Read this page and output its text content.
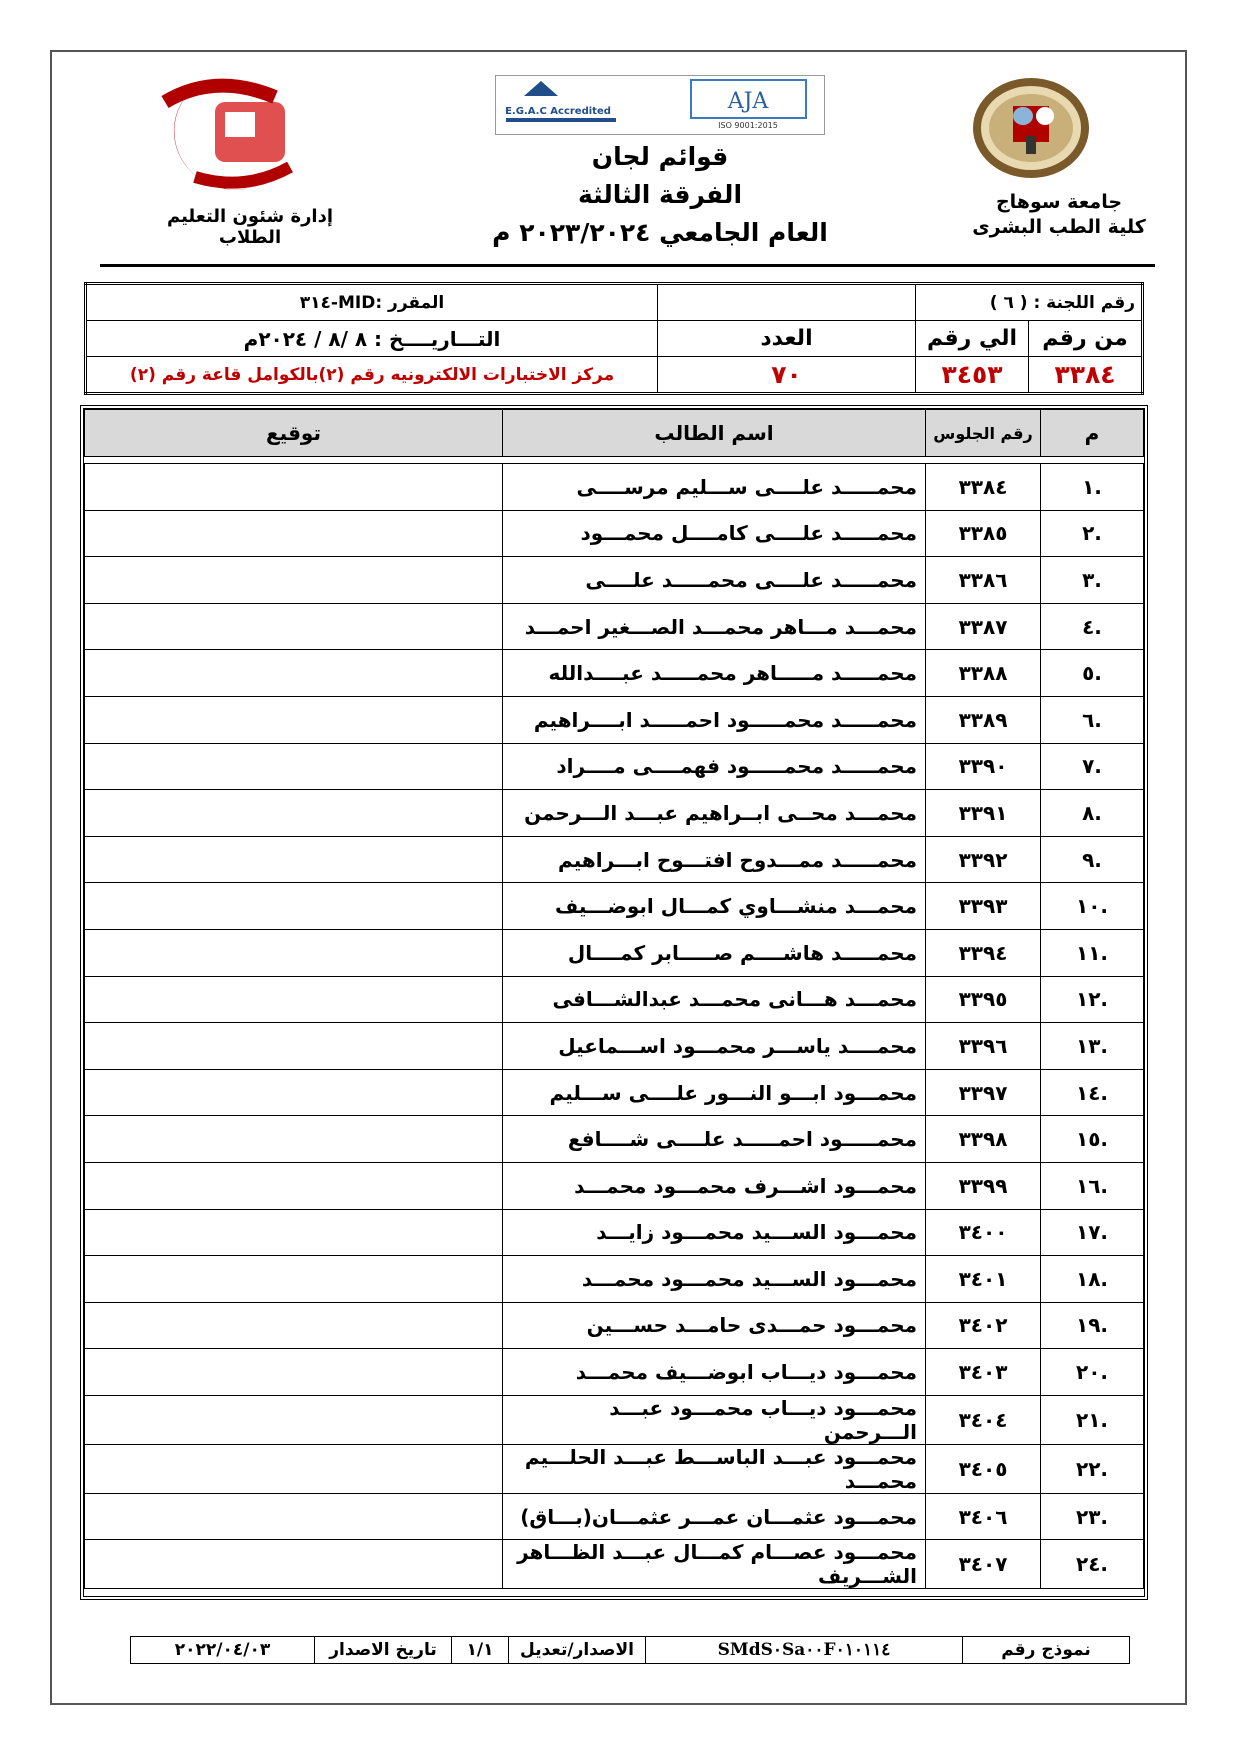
جامعة سوهاج
كلية الطب البشرى
AJA
ISO 9001:2015
E.G.A.C Accredited
قوائم لجان
الفرقة الثالثة
العام الجامعي ٢٠٢٣/٢٠٢٤ م
إدارة شئون التعليم الطلاب
رقم اللجنة : ( ٦ )			المقرر :MID-٣١٤
من رقم	الي رقم	العدد	التـــاريــــخ : ٨ /٨ / ٢٠٢٤م
٣٣٨٤	٣٤٥٣	٧٠	مركز الاختبارات الالكترونيه رقم (٢)بالكوامل قاعة رقم (٢)
م	رقم الجلوس	اسم الطالب	توقيع

.١	٣٣٨٤	محمـــــد علــــى ســـليم مرســــى	
.٢	٣٣٨٥	محمـــــد علــــى كامــــل محمـــود	
.٣	٣٣٨٦	محمـــــد علــــى محمـــــد علــــى	
.٤	٣٣٨٧	محمـــد مـــاهر محمـــد الصـــغير احمـــد	
.٥	٣٣٨٨	محمـــــد مـــــاهر محمـــــد عبــــدالله	
.٦	٣٣٨٩	محمـــــد محمـــــود احمـــــد ابــــراهيم	
.٧	٣٣٩٠	محمـــــد محمـــــود فهمــــى مــــراد	
.٨	٣٣٩١	محمـــد محــى ابــراهيم عبـــد الـــرحمن	
.٩	٣٣٩٢	محمـــــد ممـــدوح افتـــوح ابـــراهيم	
.١٠	٣٣٩٣	محمـــد منشـــاوي كمـــال ابوضـــيف	
.١١	٣٣٩٤	محمـــــد هاشــــم صـــــابر كمــــال	
.١٢	٣٣٩٥	محمـــد هـــانى محمـــد عبدالشـــافى	
.١٣	٣٣٩٦	محمــــد ياســـر محمـــود اســـماعيل	
.١٤	٣٣٩٧	محمـــود ابـــو النـــور علــــى ســـليم	
.١٥	٣٣٩٨	محمـــــود احمـــــد علــــى شــــافع	
.١٦	٣٣٩٩	محمـــود اشـــرف محمـــود محمـــد	
.١٧	٣٤٠٠	محمـــود الســـيد محمـــود زايـــد	
.١٨	٣٤٠١	محمـــود الســـيد محمـــود محمـــد	
.١٩	٣٤٠٢	محمـــود حمـــدى حامـــد حســـين	
.٢٠	٣٤٠٣	محمـــود ديـــاب ابوضـــيف محمـــد	
.٢١	٣٤٠٤	محمـــود ديـــاب محمـــود عبـــد الـــرحمن	
.٢٢	٣٤٠٥	محمـــود عبـــد الباســـط عبـــد الحلـــيم محمـــد	
.٢٣	٣٤٠٦	محمـــود عثمـــان عمـــر عثمـــان(بـــاق)	
.٢٤	٣٤٠٧	محمـــود عصـــام كمـــال عبـــد الظـــاهر الشـــريف	
نموذج رقم	SMdS٠Sa٠٠F٠١٠١١٤	الاصدار/تعديل	١/١	تاريخ الاصدار	٢٠٢٢/٠٤/٠٣
